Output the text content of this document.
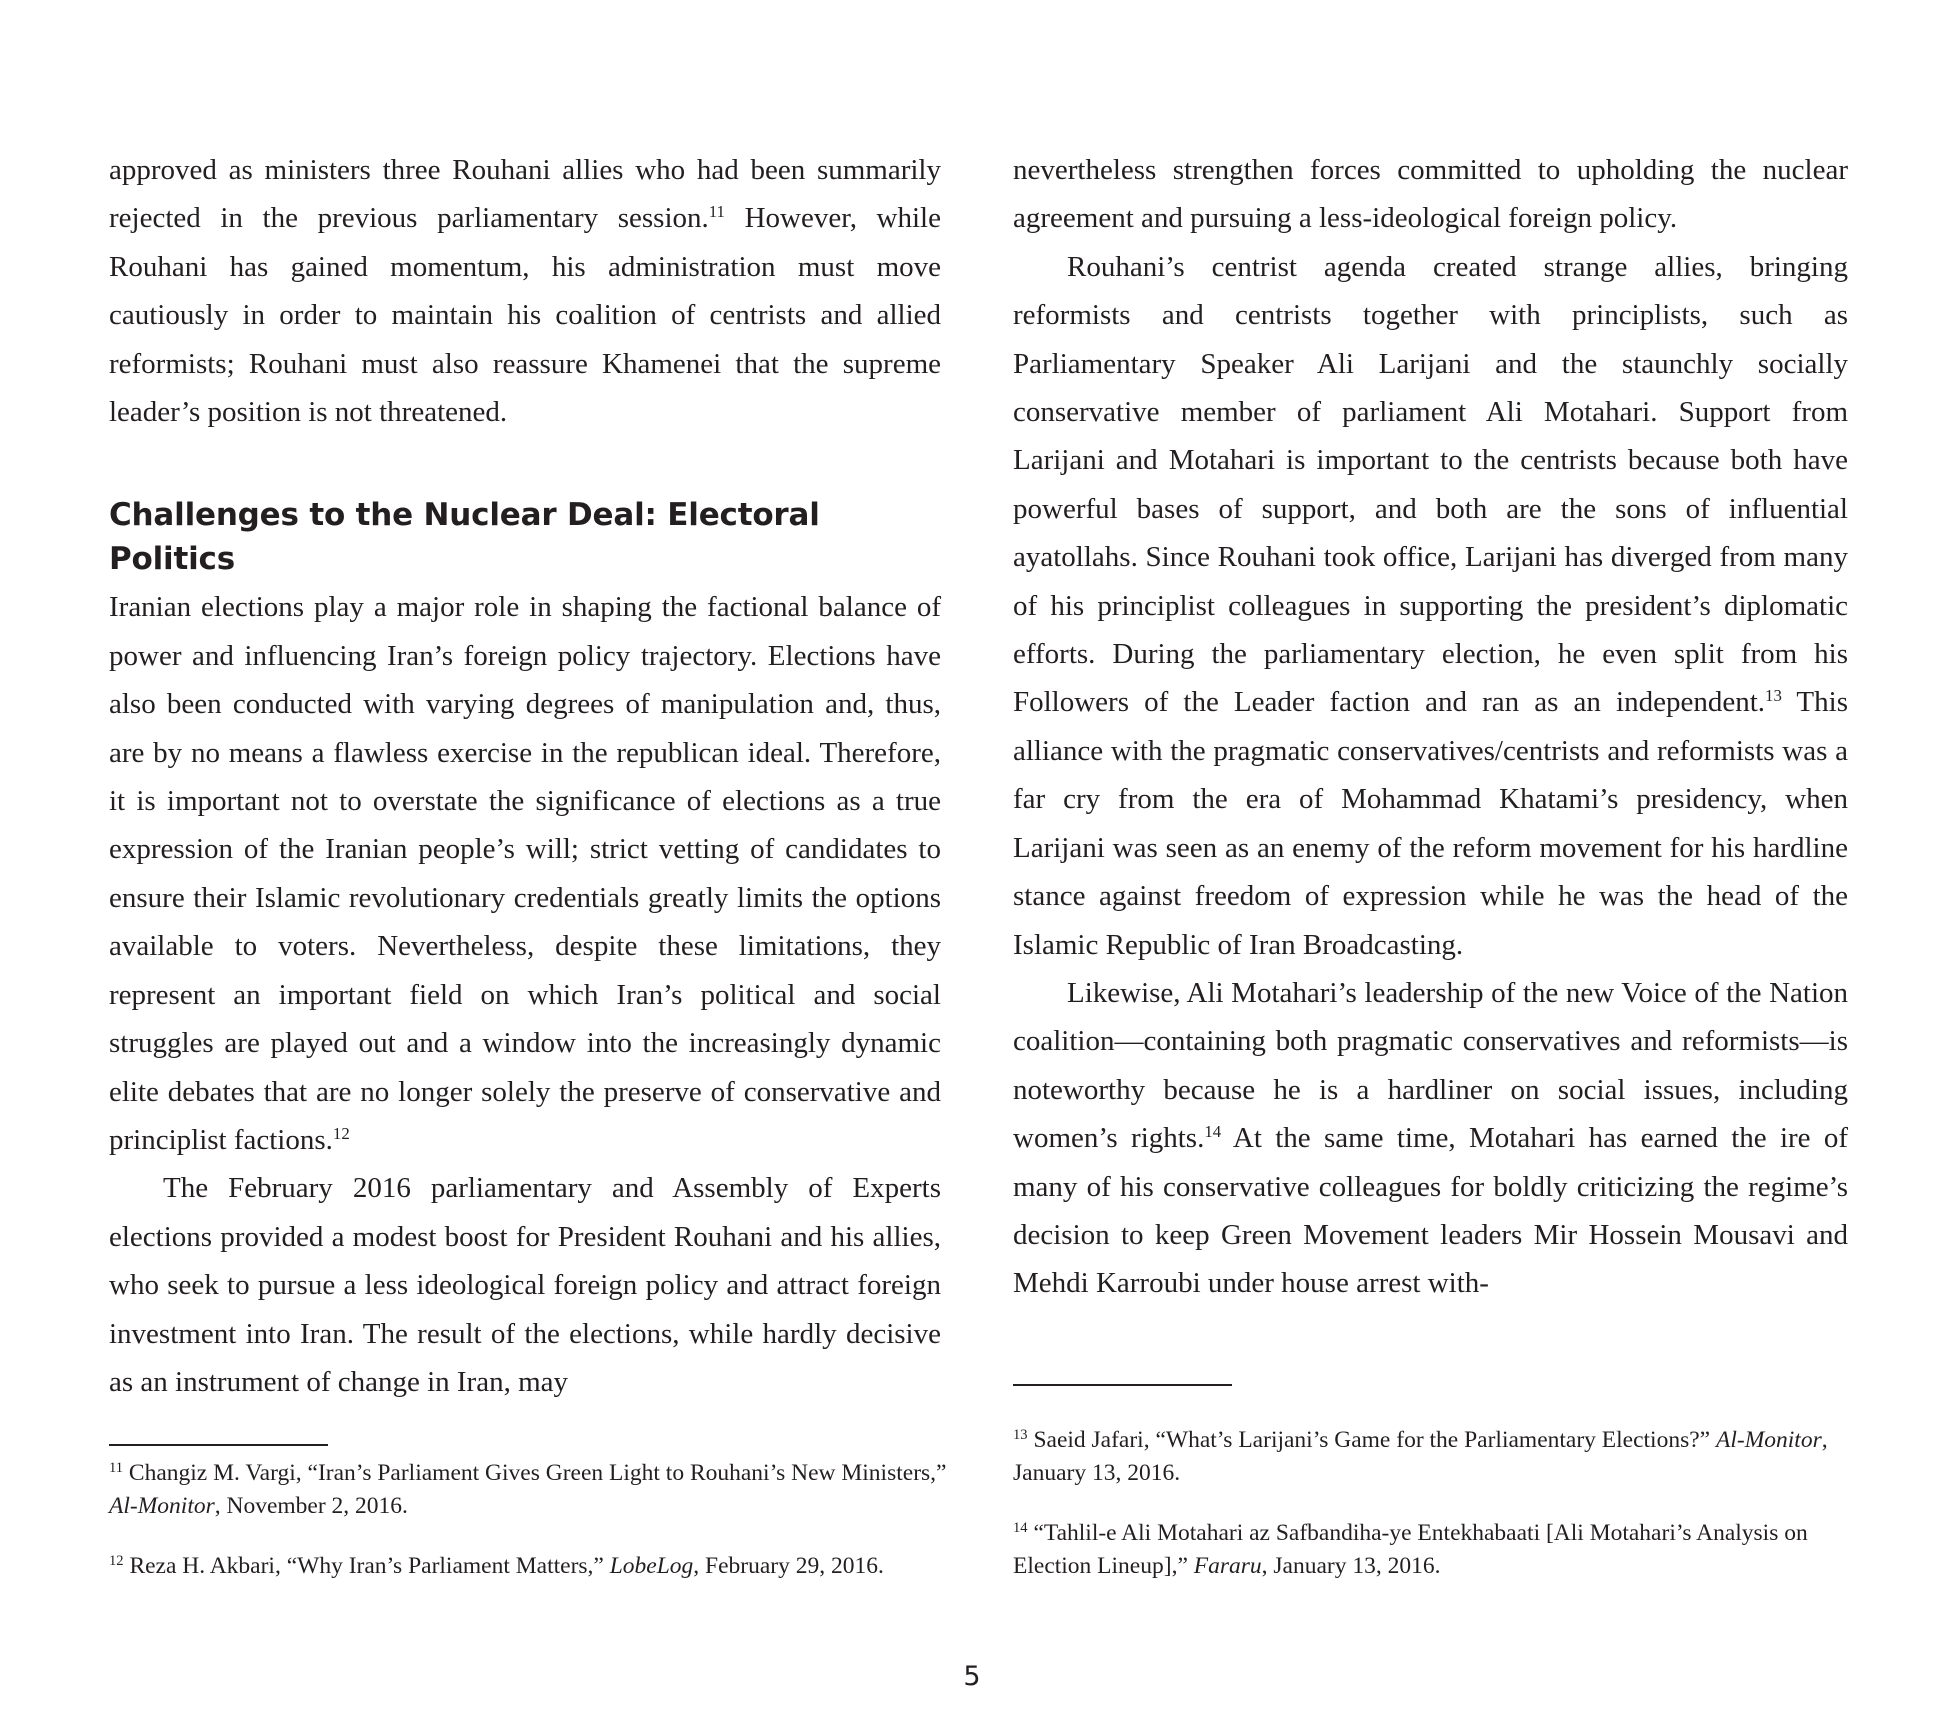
approved as ministers three Rouhani allies who had been summarily rejected in the previous parliamentary session.$^{11}$ However, while Rouhani has gained momentum, his administration must move cautiously in order to maintain his coalition of centrists and allied reformists; Rouhani must also reassure Khamenei that the supreme leader’s position is not threatened.

Challenges to the Nuclear Deal: Electoral Politics

Iranian elections play a major role in shaping the factional balance of power and influencing Iran’s foreign policy trajectory. Elections have also been conducted with varying degrees of manipulation and, thus, are by no means a flawless exercise in the republican ideal. Therefore, it is important not to overstate the significance of elections as a true expression of the Iranian people’s will; strict vetting of candidates to ensure their Islamic revolutionary credentials greatly limits the options available to voters. Nevertheless, despite these limitations, they represent an important field on which Iran’s political and social struggles are played out and a window into the increasingly dynamic elite debates that are no longer solely the preserve of conservative and principlist factions.$^{12}$

The February 2016 parliamentary and Assembly of Experts elections provided a modest boost for President Rouhani and his allies, who seek to pursue a less ideological foreign policy and attract foreign investment into Iran. The result of the elections, while hardly decisive as an instrument of change in Iran, may

nevertheless strengthen forces committed to upholding the nuclear agreement and pursuing a less-ideological foreign policy.

Rouhani’s centrist agenda created strange allies, bringing reformists and centrists together with principlists, such as Parliamentary Speaker Ali Larijani and the staunchly socially conservative member of parliament Ali Motahari. Support from Larijani and Motahari is important to the centrists because both have powerful bases of support, and both are the sons of influential ayatollahs. Since Rouhani took office, Larijani has diverged from many of his principlist colleagues in supporting the president’s diplomatic efforts. During the parliamentary election, he even split from his Followers of the Leader faction and ran as an independent.$^{13}$ This alliance with the pragmatic conservatives/centrists and reformists was a far cry from the era of Mohammad Khatami’s presidency, when Larijani was seen as an enemy of the reform movement for his hardline stance against freedom of expression while he was the head of the Islamic Republic of Iran Broadcasting.

Likewise, Ali Motahari’s leadership of the new Voice of the Nation coalition—containing both pragmatic conservatives and reformists—is noteworthy because he is a hardliner on social issues, including women’s rights.$^{14}$ At the same time, Motahari has earned the ire of many of his conservative colleagues for boldly criticizing the regime’s decision to keep Green Movement leaders Mir Hossein Mousavi and Mehdi Karroubi under house arrest with-

$^{11}$ Changiz M. Vargi, “Iran’s Parliament Gives Green Light to Rouhani’s New Ministers,” Al-Monitor, November 2, 2016.

$^{12}$ Reza H. Akbari, “Why Iran’s Parliament Matters,” LobeLog, February 29, 2016.

$^{13}$ Saeid Jafari, “What’s Larijani’s Game for the Parliamentary Elections?” Al-Monitor, January 13, 2016.

$^{14}$ “Tahlil-e Ali Motahari az Safbandiha-ye Entekhabaati [Ali Motahari’s Analysis on Election Lineup],” Fararu, January 13, 2016.

5
